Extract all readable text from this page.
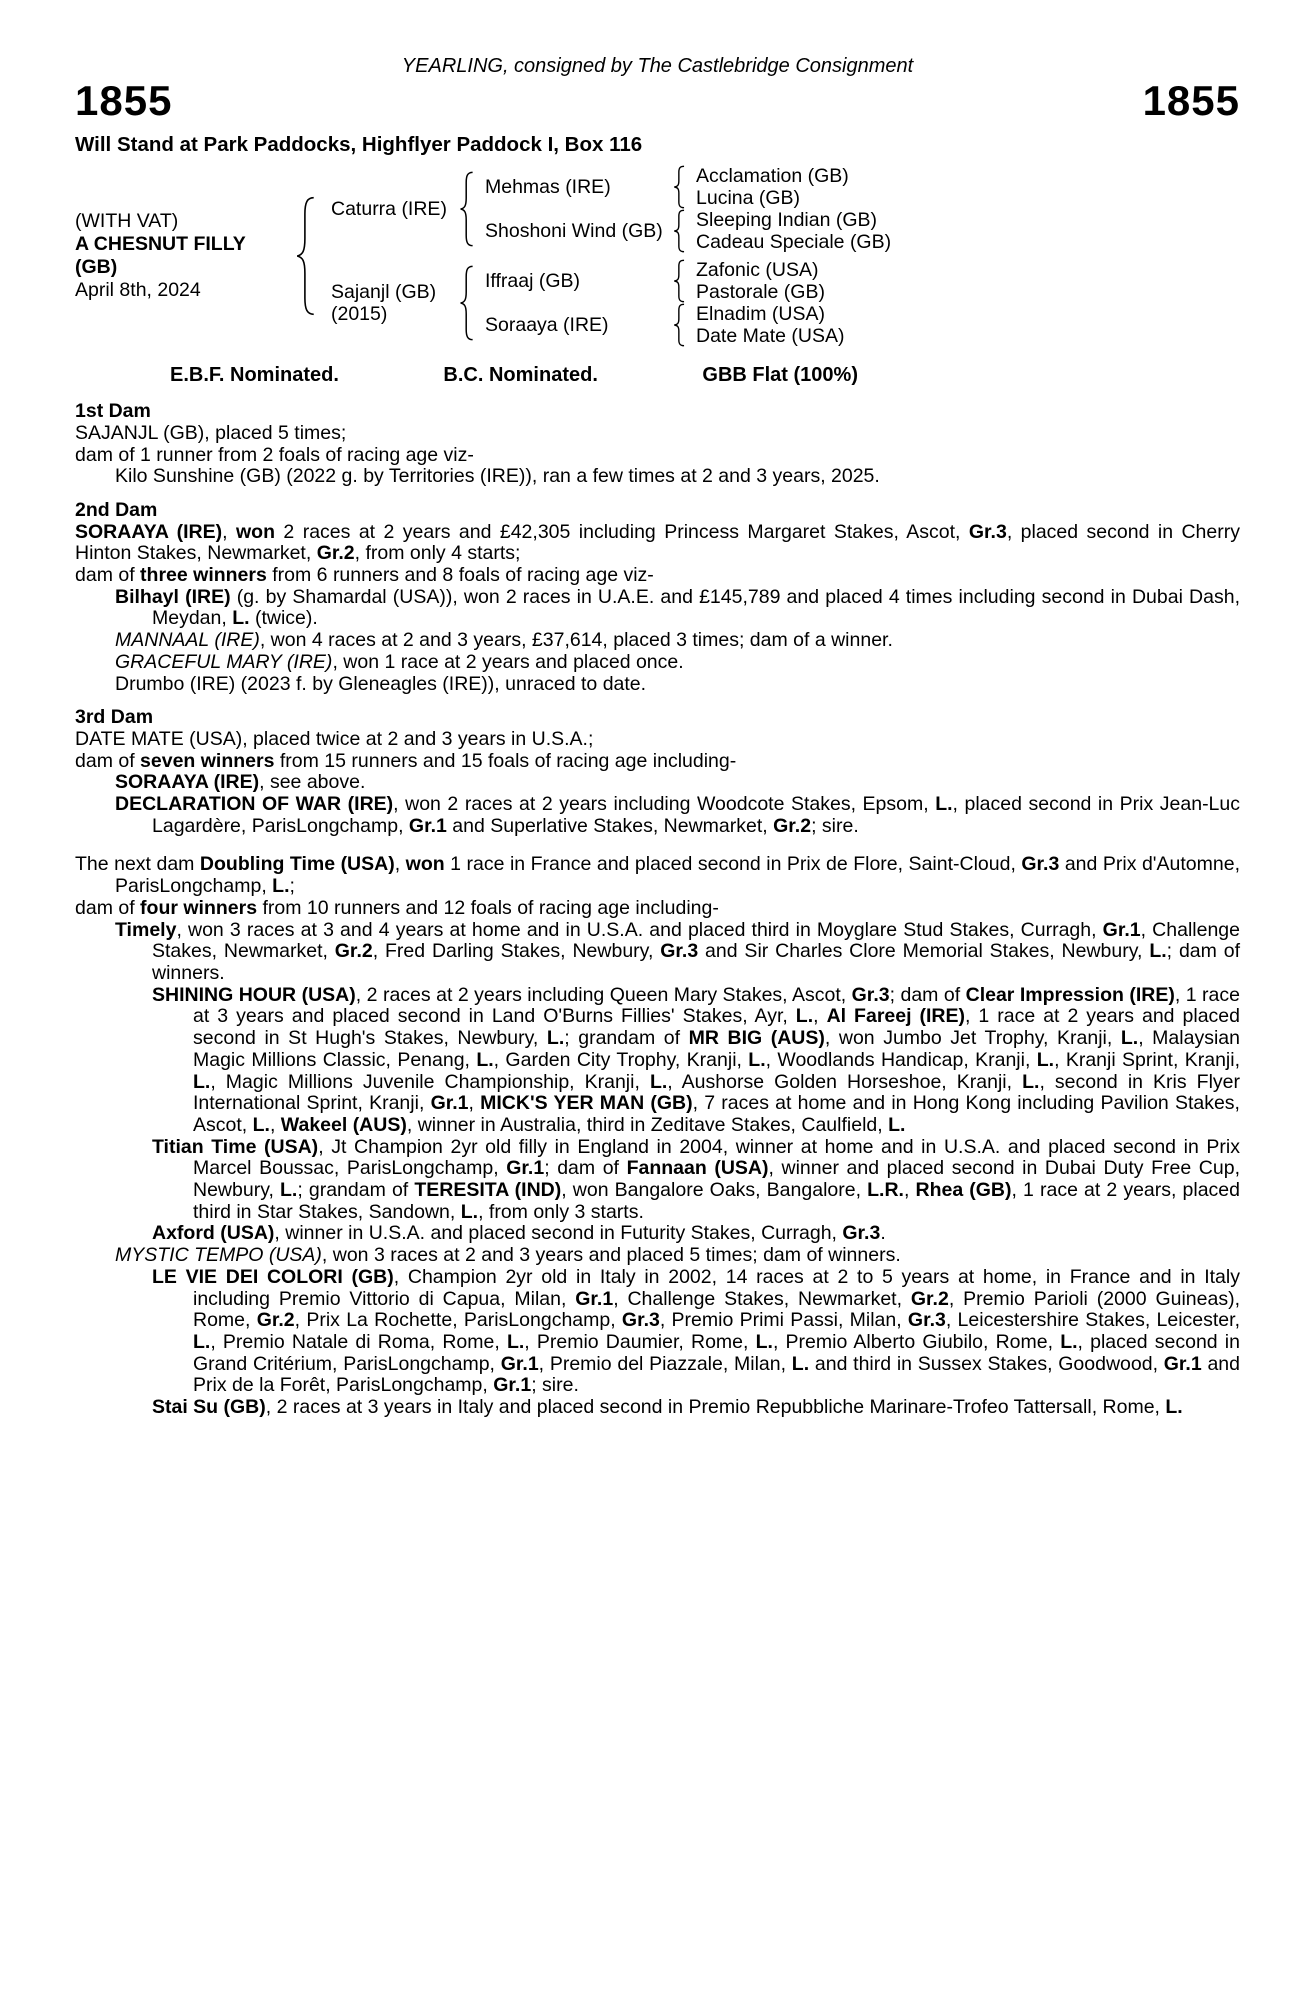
YEARLING, consigned by The Castlebridge Consignment
1855	1855
Will Stand at Park Paddocks, Highflyer Paddock I, Box 116
(WITH VAT)
A CHESNUT FILLY
(GB)
April 8th, 2024
Caturra (IRE)
Mehmas (IRE)	Acclamation (GB)
Lucina (GB)
Shoshoni Wind (GB)	Sleeping Indian (GB)
Cadeau Speciale (GB)
Sajanjl (GB)
(2015)
Iffraaj (GB)	Zafonic (USA)
Pastorale (GB)
Soraaya (IRE)	Elnadim (USA)
Date Mate (USA)
E.B.F. Nominated.	B.C. Nominated.	GBB Flat (100%)
1st Dam

SAJANJL (GB), placed 5 times;

dam of 1 runner from 2 foals of racing age viz-

Kilo Sunshine (GB) (2022 g. by Territories (IRE)), ran a few times at 2 and 3 years, 2025.

2nd Dam

SORAAYA (IRE), won 2 races at 2 years and £42,305 including Princess Margaret Stakes, Ascot, Gr.3, placed second in Cherry Hinton Stakes, Newmarket, Gr.2, from only 4 starts;

dam of three winners from 6 runners and 8 foals of racing age viz-

Bilhayl (IRE) (g. by Shamardal (USA)), won 2 races in U.A.E. and £145,789 and placed 4 times including second in Dubai Dash, Meydan, L. (twice).

MANNAAL (IRE), won 4 races at 2 and 3 years, £37,614, placed 3 times; dam of a winner.

GRACEFUL MARY (IRE), won 1 race at 2 years and placed once.

Drumbo (IRE) (2023 f. by Gleneagles (IRE)), unraced to date.

3rd Dam

DATE MATE (USA), placed twice at 2 and 3 years in U.S.A.;

dam of seven winners from 15 runners and 15 foals of racing age including-

SORAAYA (IRE), see above.

DECLARATION OF WAR (IRE), won 2 races at 2 years including Woodcote Stakes, Epsom, L., placed second in Prix Jean-Luc Lagardère, ParisLongchamp, Gr.1 and Superlative Stakes, Newmarket, Gr.2; sire.

The next dam Doubling Time (USA), won 1 race in France and placed second in Prix de Flore, Saint-Cloud, Gr.3 and Prix d'Automne, ParisLongchamp, L.;

dam of four winners from 10 runners and 12 foals of racing age including-

Timely, won 3 races at 3 and 4 years at home and in U.S.A. and placed third in Moyglare Stud Stakes, Curragh, Gr.1, Challenge Stakes, Newmarket, Gr.2, Fred Darling Stakes, Newbury, Gr.3 and Sir Charles Clore Memorial Stakes, Newbury, L.; dam of winners.

SHINING HOUR (USA), 2 races at 2 years including Queen Mary Stakes, Ascot, Gr.3; dam of Clear Impression (IRE), 1 race at 3 years and placed second in Land O'Burns Fillies' Stakes, Ayr, L., Al Fareej (IRE), 1 race at 2 years and placed second in St Hugh's Stakes, Newbury, L.; grandam of MR BIG (AUS), won Jumbo Jet Trophy, Kranji, L., Malaysian Magic Millions Classic, Penang, L., Garden City Trophy, Kranji, L., Woodlands Handicap, Kranji, L., Kranji Sprint, Kranji, L., Magic Millions Juvenile Championship, Kranji, L., Aushorse Golden Horseshoe, Kranji, L., second in Kris Flyer International Sprint, Kranji, Gr.1, MICK'S YER MAN (GB), 7 races at home and in Hong Kong including Pavilion Stakes, Ascot, L., Wakeel (AUS), winner in Australia, third in Zeditave Stakes, Caulfield, L.

Titian Time (USA), Jt Champion 2yr old filly in England in 2004, winner at home and in U.S.A. and placed second in Prix Marcel Boussac, ParisLongchamp, Gr.1; dam of Fannaan (USA), winner and placed second in Dubai Duty Free Cup, Newbury, L.; grandam of TERESITA (IND), won Bangalore Oaks, Bangalore, L.R., Rhea (GB), 1 race at 2 years, placed third in Star Stakes, Sandown, L., from only 3 starts.

Axford (USA), winner in U.S.A. and placed second in Futurity Stakes, Curragh, Gr.3.

MYSTIC TEMPO (USA), won 3 races at 2 and 3 years and placed 5 times; dam of winners.

LE VIE DEI COLORI (GB), Champion 2yr old in Italy in 2002, 14 races at 2 to 5 years at home, in France and in Italy including Premio Vittorio di Capua, Milan, Gr.1, Challenge Stakes, Newmarket, Gr.2, Premio Parioli (2000 Guineas), Rome, Gr.2, Prix La Rochette, ParisLongchamp, Gr.3, Premio Primi Passi, Milan, Gr.3, Leicestershire Stakes, Leicester, L., Premio Natale di Roma, Rome, L., Premio Daumier, Rome, L., Premio Alberto Giubilo, Rome, L., placed second in Grand Critérium, ParisLongchamp, Gr.1, Premio del Piazzale, Milan, L. and third in Sussex Stakes, Goodwood, Gr.1 and Prix de la Forêt, ParisLongchamp, Gr.1; sire.

Stai Su (GB), 2 races at 3 years in Italy and placed second in Premio Repubbliche Marinare-Trofeo Tattersall, Rome, L.
